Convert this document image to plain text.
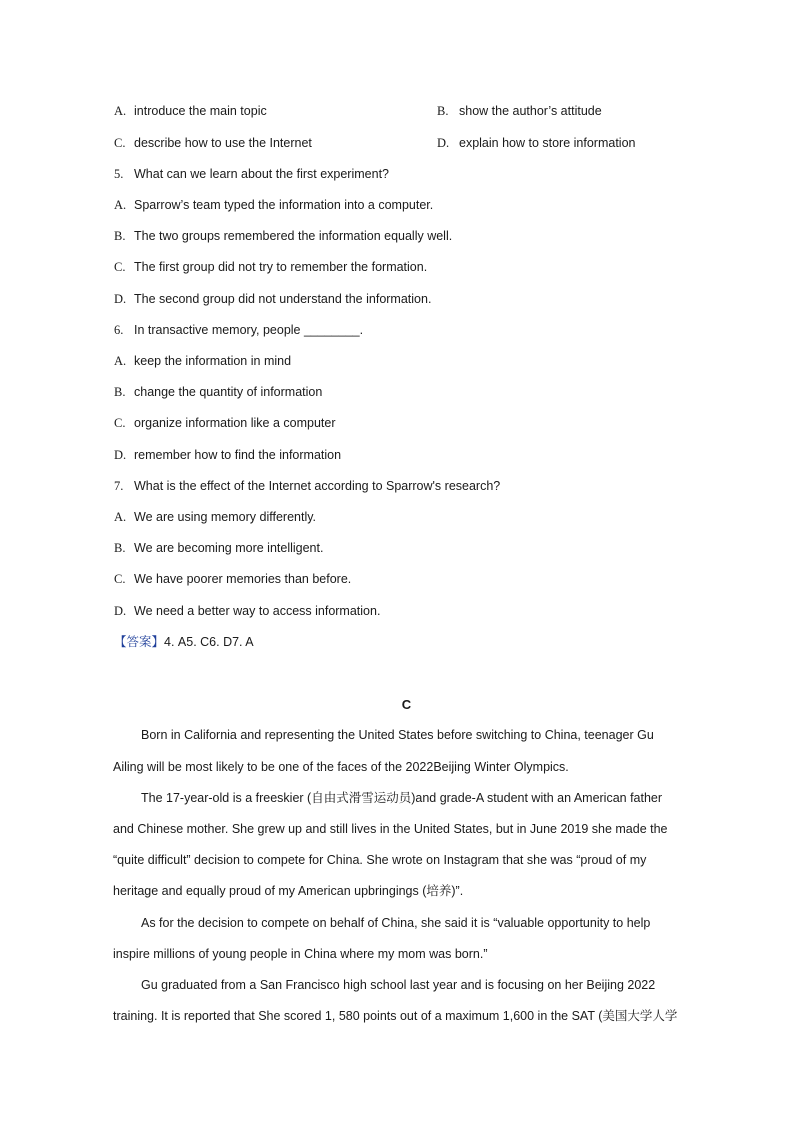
A. introduce the main topic	B. show the author’s attitude
C. describe how to use the Internet	D. explain how to store information
5. What can we learn about the first experiment?
A. Sparrow’s team typed the information into a computer.
B. The two groups remembered the information equally well.
C. The first group did not try to remember the formation.
D. The second group did not understand the information.
6. In transactive memory, people ________.
A. keep the information in mind
B. change the quantity of information
C. organize information like a computer
D. remember how to find the information
7. What is the effect of the Internet according to Sparrow's research?
A. We are using memory differently.
B. We are becoming more intelligent.
C. We have poorer memories than before.
D. We need a better way to access information.
【答案】4. A5. C6. D7. A
C
Born in California and representing the United States before switching to China, teenager Gu
Ailing will be most likely to be one of the faces of the 2022Beijing Winter Olympics.
The 17-year-old is a freeskier (自由式滑雪运动员)and grade-A student with an American father
and Chinese mother. She grew up and still lives in the United States, but in June 2019 she made the
“quite difficult” decision to compete for China. She wrote on Instagram that she was “proud of my
heritage and equally proud of my American upbringings (培养)”.
As for the decision to compete on behalf of China, she said it is “valuable opportunity to help
inspire millions of young people in China where my mom was born.”
Gu graduated from a San Francisco high school last year and is focusing on her Beijing 2022
training. It is reported that She scored 1, 580 points out of a maximum 1,600 in the SAT (美国大学人学
